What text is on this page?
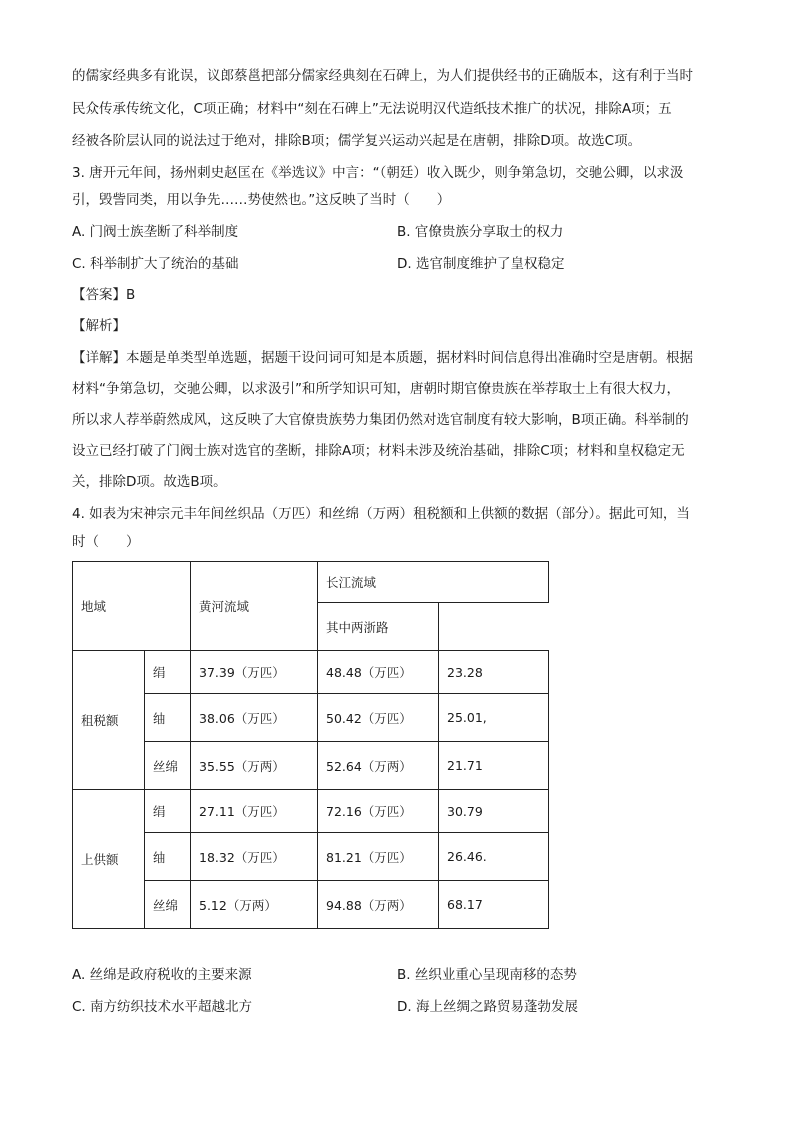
的儒家经典多有讹误，议郎蔡邕把部分儒家经典刻在石碑上，为人们提供经书的正确版本，这有利于当时
民众传承传统文化，C项正确；材料中“刻在石碑上”无法说明汉代造纸技术推广的状况，排除A项；五
经被各阶层认同的说法过于绝对，排除B项；儒学复兴运动兴起是在唐朝，排除D项。故选C项。
3. 唐开元年间，扬州刺史赵匡在《举选议》中言：“（朝廷）收入既少，则争第急切，交驰公卿，以求汲
引，毁訾同类，用以争先……势使然也。”这反映了当时（　　）
A. 门阀士族垄断了科举制度	B. 官僚贵族分享取士的权力
C. 科举制扩大了统治的基础	D. 选官制度维护了皇权稳定
【答案】B
【解析】
【详解】本题是单类型单选题，据题干设问词可知是本质题，据材料时间信息得出准确时空是唐朝。根据
材料“争第急切，交驰公卿，以求汲引”和所学知识可知，唐朝时期官僚贵族在举荐取士上有很大权力，
所以求人荐举蔚然成风，这反映了大官僚贵族势力集团仍然对选官制度有较大影响，B项正确。科举制的
设立已经打破了门阀士族对选官的垄断，排除A项；材料未涉及统治基础，排除C项；材料和皇权稳定无
关，排除D项。故选B项。
4. 如表为宋神宗元丰年间丝织品（万匹）和丝绵（万两）租税额和上供额的数据（部分）。据此可知，当
时（　　）
地域		黄河流域	长江流域	
			其中两浙路	
租税额	绢	37.39（万匹）	48.48（万匹）	23.28
	䌷	38.06（万匹）	50.42（万匹）	25.01,
	丝绵	35.55（万两）	52.64（万两）	21.71
上供额	绢	27.11（万匹）	72.16（万匹）	30.79
	䌷	18.32（万匹）	81.21（万匹）	26.46.
	丝绵	5.12（万两）	94.88（万两）	68.17
A. 丝绵是政府税收的主要来源	B. 丝织业重心呈现南移的态势
C. 南方纺织技术水平超越北方	D. 海上丝绸之路贸易蓬勃发展
